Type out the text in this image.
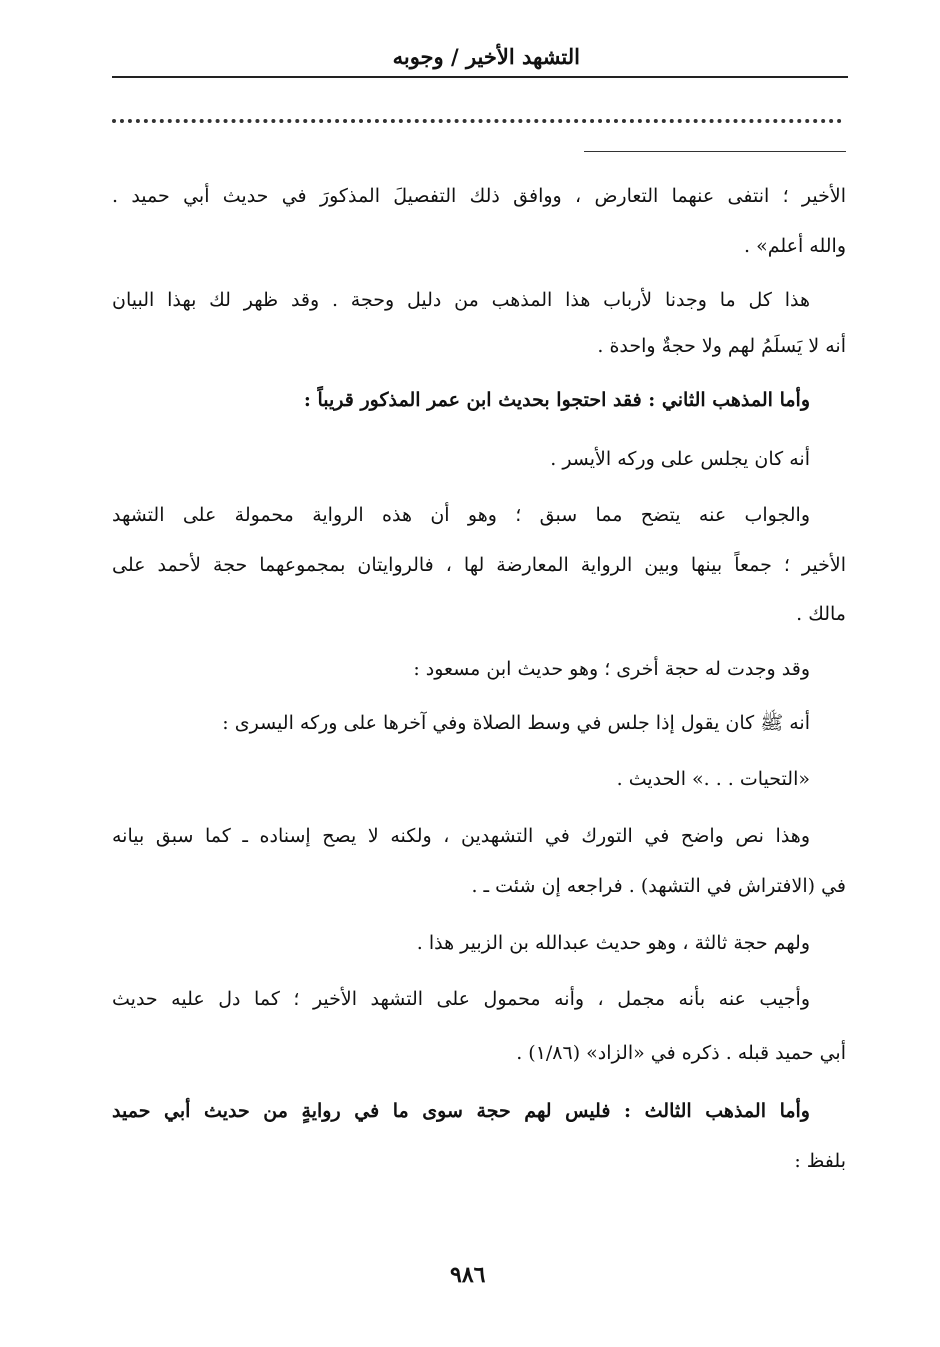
التشهد الأخير / وجوبه
الأخير ؛ انتفى عنهما التعارض ، ووافق ذلك التفصيلَ المذكورَ في حديث أبي حميد .
والله أعلم» .
هذا كل ما وجدنا لأرباب هذا المذهب من دليل وحجة . وقد ظهر لك بهذا البيان
أنه لا يَسلَمُ لهم ولا حجةٌ واحدة .
وأما المذهب الثاني : فقد احتجوا بحديث ابن عمر المذكور قريباً :
أنه كان يجلس على وركه الأيسر .
والجواب عنه يتضح مما سبق ؛ وهو أن هذه الرواية محمولة على التشهد
الأخير ؛ جمعاً بينها وبين الرواية المعارضة لها ، فالروايتان بمجموعهما حجة لأحمد على
مالك .
وقد وجدت له حجة أخرى ؛ وهو حديث ابن مسعود :
أنه ﷺ كان يقول إذا جلس في وسط الصلاة وفي آخرها على وركه اليسرى :
«التحيات . . .» الحديث .
وهذا نص واضح في التورك في التشهدين ، ولكنه لا يصح إسناده ـ كما سبق بيانه
في (الافتراش في التشهد) . فراجعه إن شئت ـ .
ولهم حجة ثالثة ، وهو حديث عبدالله بن الزبير هذا .
وأجيب عنه بأنه مجمل ، وأنه محمول على التشهد الأخير ؛ كما دل عليه حديث
أبي حميد قبله . ذكره في «الزاد» (١/٨٦) .
وأما المذهب الثالث : فليس لهم حجة سوى ما في روايةٍ من حديث أبي حميد
بلفظ :
٩٨٦
